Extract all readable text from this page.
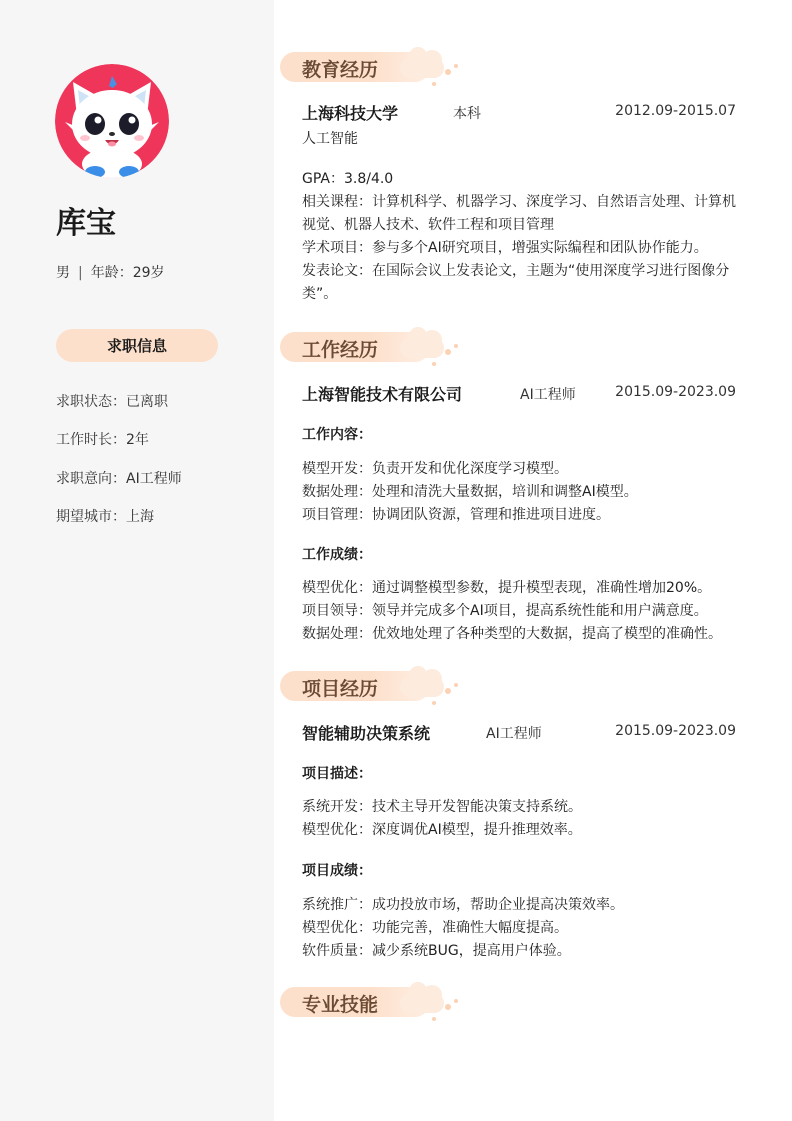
库宝
男 | 年龄：29岁
求职信息
求职状态：已离职
工作时长：2年
求职意向：AI工程师
期望城市：上海
教育经历
上海科技大学	本科	2012.09-2015.07
人工智能
GPA：3.8/4.0
相关课程：计算机科学、机器学习、深度学习、自然语言处理、计算机
视觉、机器人技术、软件工程和项目管理
学术项目：参与多个AI研究项目，增强实际编程和团队协作能力。
发表论文：在国际会议上发表论文，主题为“使用深度学习进行图像分
类”。
工作经历
上海智能技术有限公司	AI工程师	2015.09-2023.09
工作内容：
模型开发：负责开发和优化深度学习模型。
数据处理：处理和清洗大量数据，培训和调整AI模型。
项目管理：协调团队资源，管理和推进项目进度。
工作成绩：
模型优化：通过调整模型参数，提升模型表现，准确性增加20%。
项目领导：领导并完成多个AI项目，提高系统性能和用户满意度。
数据处理：优效地处理了各种类型的大数据，提高了模型的准确性。
项目经历
智能辅助决策系统	AI工程师	2015.09-2023.09
项目描述：
系统开发：技术主导开发智能决策支持系统。
模型优化：深度调优AI模型，提升推理效率。
项目成绩：
系统推广：成功投放市场，帮助企业提高决策效率。
模型优化：功能完善，准确性大幅度提高。
软件质量：减少系统BUG，提高用户体验。
专业技能
